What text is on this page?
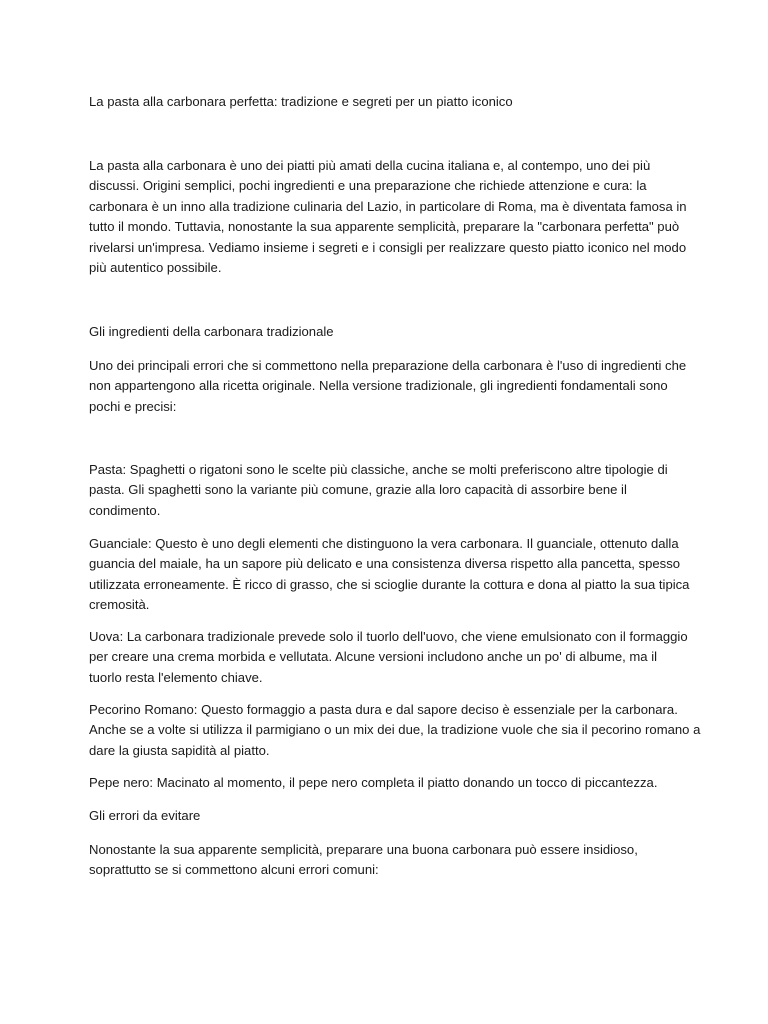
La pasta alla carbonara perfetta: tradizione e segreti per un piatto iconico

La pasta alla carbonara è uno dei piatti più amati della cucina italiana e, al contempo, uno dei più
discussi. Origini semplici, pochi ingredienti e una preparazione che richiede attenzione e cura: la
carbonara è un inno alla tradizione culinaria del Lazio, in particolare di Roma, ma è diventata famosa in
tutto il mondo. Tuttavia, nonostante la sua apparente semplicità, preparare la "carbonara perfetta" può
rivelarsi un'impresa. Vediamo insieme i segreti e i consigli per realizzare questo piatto iconico nel modo
più autentico possibile.

Gli ingredienti della carbonara tradizionale

Uno dei principali errori che si commettono nella preparazione della carbonara è l'uso di ingredienti che
non appartengono alla ricetta originale. Nella versione tradizionale, gli ingredienti fondamentali sono
pochi e precisi:

Pasta: Spaghetti o rigatoni sono le scelte più classiche, anche se molti preferiscono altre tipologie di
pasta. Gli spaghetti sono la variante più comune, grazie alla loro capacità di assorbire bene il
condimento.

Guanciale: Questo è uno degli elementi che distinguono la vera carbonara. Il guanciale, ottenuto dalla
guancia del maiale, ha un sapore più delicato e una consistenza diversa rispetto alla pancetta, spesso
utilizzata erroneamente. È ricco di grasso, che si scioglie durante la cottura e dona al piatto la sua tipica
cremosità.

Uova: La carbonara tradizionale prevede solo il tuorlo dell'uovo, che viene emulsionato con il formaggio
per creare una crema morbida e vellutata. Alcune versioni includono anche un po' di albume, ma il
tuorlo resta l'elemento chiave.

Pecorino Romano: Questo formaggio a pasta dura e dal sapore deciso è essenziale per la carbonara.
Anche se a volte si utilizza il parmigiano o un mix dei due, la tradizione vuole che sia il pecorino romano a
dare la giusta sapidità al piatto.

Pepe nero: Macinato al momento, il pepe nero completa il piatto donando un tocco di piccantezza.

Gli errori da evitare

Nonostante la sua apparente semplicità, preparare una buona carbonara può essere insidioso,
soprattutto se si commettono alcuni errori comuni:
